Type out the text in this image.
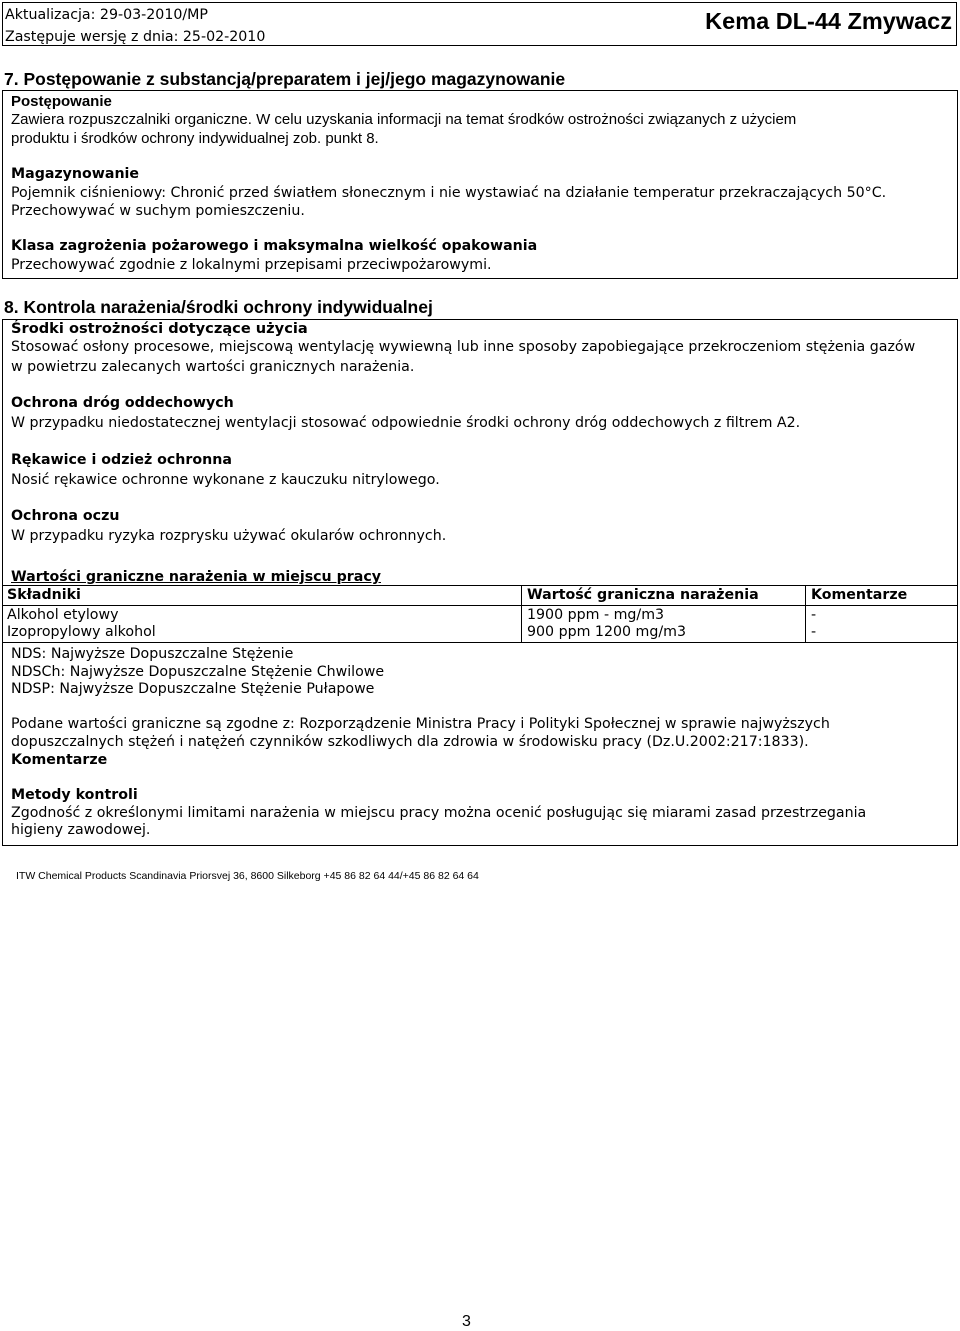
Aktualizacja: 29-03-2010/MP
Zastępuje wersję z dnia: 25-02-2010
Kema DL-44 Zmywacz
7. Postępowanie z substancją/preparatem i jej/jego magazynowanie
Postępowanie
Zawiera rozpuszczalniki organiczne. W celu uzyskania informacji na temat środków ostrożności związanych z użyciem
produktu i środków ochrony indywidualnej zob. punkt 8.
Magazynowanie
Pojemnik ciśnieniowy: Chronić przed światłem słonecznym i nie wystawiać na działanie temperatur przekraczających 50°C.
Przechowywać w suchym pomieszczeniu.
Klasa zagrożenia pożarowego i maksymalna wielkość opakowania
Przechowywać zgodnie z lokalnymi przepisami przeciwpożarowymi.
8. Kontrola narażenia/środki ochrony indywidualnej
Środki ostrożności dotyczące użycia
Stosować osłony procesowe, miejscową wentylację wywiewną lub inne sposoby zapobiegające przekroczeniom stężenia gazów
w powietrzu zalecanych wartości granicznych narażenia.
Ochrona dróg oddechowych
W przypadku niedostatecznej wentylacji stosować odpowiednie środki ochrony dróg oddechowych z filtrem A2.
Rękawice i odzież ochronna
Nosić rękawice ochronne wykonane z kauczuku nitrylowego.
Ochrona oczu
W przypadku ryzyka rozprysku używać okularów ochronnych.
Wartości graniczne narażenia w miejscu pracy
Składniki	Wartość graniczna narażenia	Komentarze
Alkohol etylowy	1900 ppm - mg/m3	-
Izopropylowy alkohol	900 ppm 1200 mg/m3	-
NDS: Najwyższe Dopuszczalne Stężenie
NDSCh: Najwyższe Dopuszczalne Stężenie Chwilowe
NDSP: Najwyższe Dopuszczalne Stężenie Pułapowe
Podane wartości graniczne są zgodne z: Rozporządzenie Ministra Pracy i Polityki Społecznej w sprawie najwyższych
dopuszczalnych stężeń i natężeń czynników szkodliwych dla zdrowia w środowisku pracy (Dz.U.2002:217:1833).
Komentarze
Metody kontroli
Zgodność z określonymi limitami narażenia w miejscu pracy można ocenić posługując się miarami zasad przestrzegania
higieny zawodowej.
ITW Chemical Products Scandinavia Priorsvej 36, 8600 Silkeborg +45 86 82 64 44/+45 86 82 64 64
3
